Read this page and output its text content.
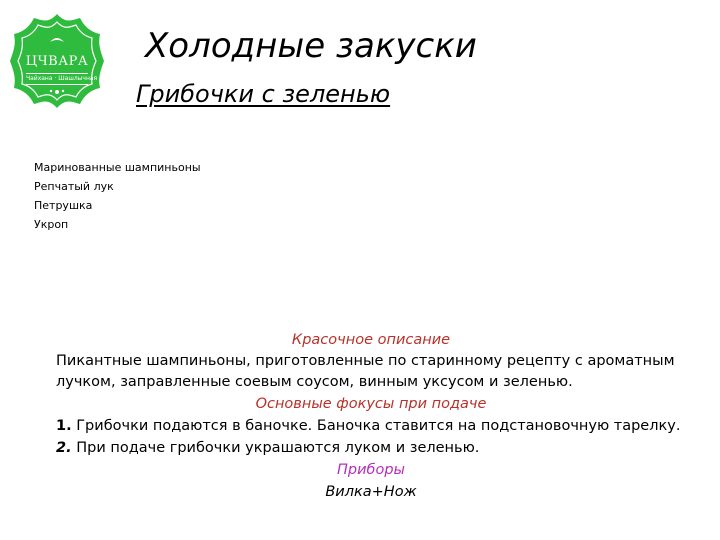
ЦЧВАРА
Чайхана · Шашлычная
Холодные закуски
Грибочки с зеленью
Маринованные шампиньоны
Репчатый лук
Петрушка
Укроп
Красочное описание
Пикантные шампиньоны, приготовленные по старинному рецепту с ароматным лучком, заправленные соевым соусом, винным уксусом и зеленью.
Основные фокусы при подаче
1. Грибочки подаются в баночке. Баночка ставится на подстановочную тарелку.
2. При подаче грибочки украшаются луком и зеленью.
Приборы
Вилка+Нож
